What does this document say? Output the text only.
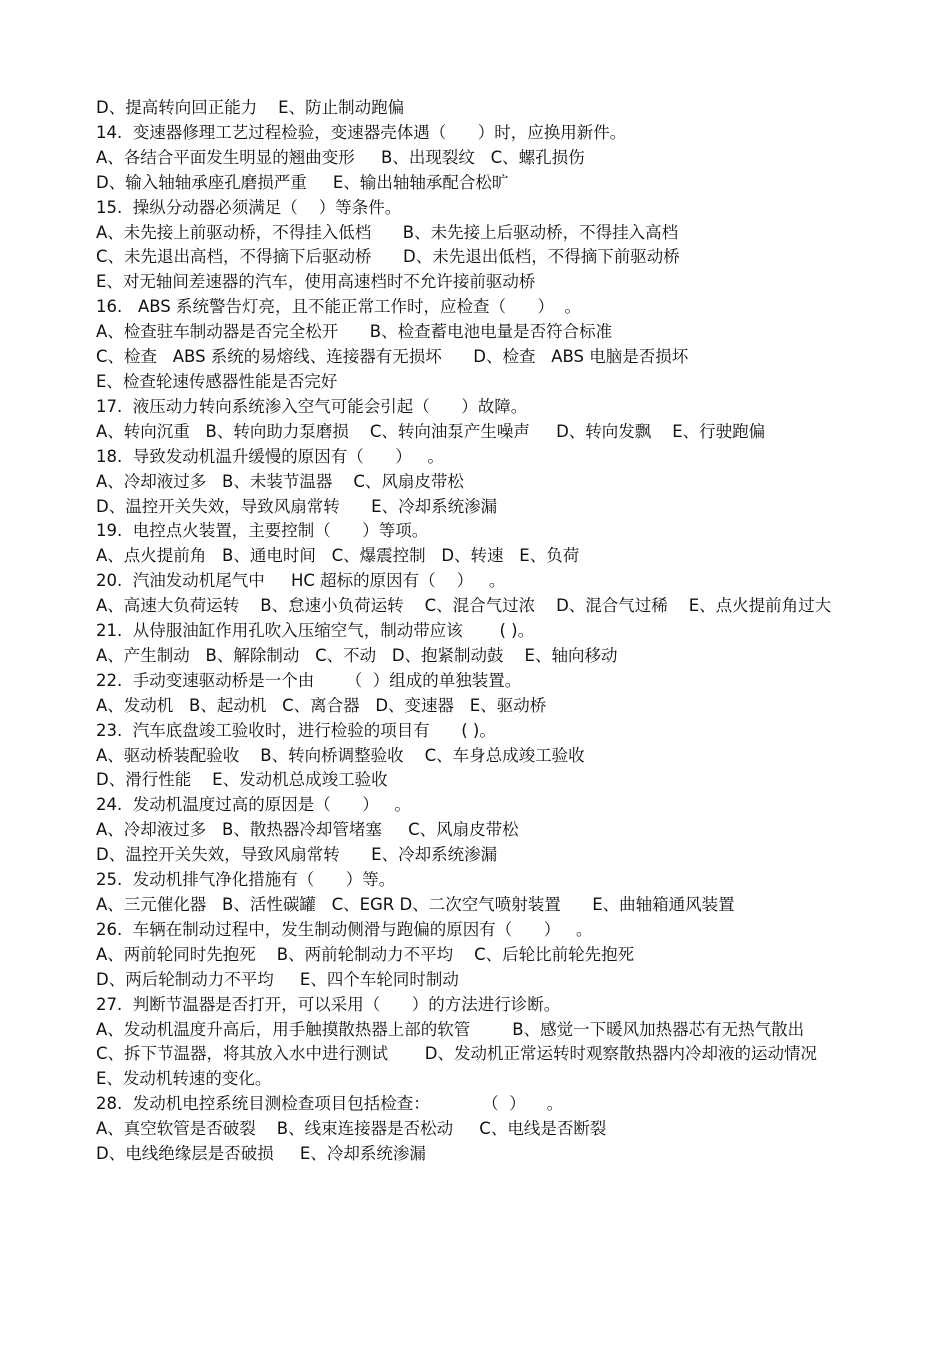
D、提高转向回正能力    E、防止制动跑偏

14.  变速器修理工艺过程检验，变速器壳体遇（      ）时，应换用新件。

A、各结合平面发生明显的翘曲变形     B、出现裂纹   C、螺孔损伤

D、输入轴轴承座孔磨损严重     E、输出轴轴承配合松旷

15.  操纵分动器必须满足（    ）等条件。

A、未先接上前驱动桥，不得挂入低档      B、未先接上后驱动桥，不得挂入高档

C、未先退出高档，不得摘下后驱动桥      D、未先退出低档，不得摘下前驱动桥

E、对无轴间差速器的汽车，使用高速档时不允许接前驱动桥

16.   ABS 系统警告灯亮，且不能正常工作时，应检查（      ）  。

A、检查驻车制动器是否完全松开      B、检查蓄电池电量是否符合标准

C、检查   ABS 系统的易熔线、连接器有无损坏      D、检查   ABS 电脑是否损坏

E、检查轮速传感器性能是否完好

17.  液压动力转向系统渗入空气可能会引起（      ）故障。

A、转向沉重   B、转向助力泵磨损    C、转向油泵产生噪声     D、转向发飘    E、行驶跑偏

18.  导致发动机温升缓慢的原因有（      ）   。

A、冷却液过多   B、未装节温器    C、风扇皮带松

D、温控开关失效，导致风扇常转      E、冷却系统渗漏

19.  电控点火装置，主要控制（      ）等项。

A、点火提前角   B、通电时间   C、爆震控制   D、转速   E、负荷

20.  汽油发动机尾气中     HC 超标的原因有（    ）   。

A、高速大负荷运转    B、怠速小负荷运转    C、混合气过浓    D、混合气过稀    E、点火提前角过大

21.  从侍服油缸作用孔吹入压缩空气，制动带应该       ( )。

A、产生制动   B、解除制动   C、不动   D、抱紧制动鼓    E、轴向移动

22.  手动变速驱动桥是一个由      （  ）组成的单独装置。

A、发动机   B、起动机   C、离合器   D、变速器   E、驱动桥

23.  汽车底盘竣工验收时，进行检验的项目有      ( )。

A、驱动桥装配验收    B、转向桥调整验收    C、车身总成竣工验收

D、滑行性能    E、发动机总成竣工验收

24.  发动机温度过高的原因是（      ）   。

A、冷却液过多   B、散热器冷却管堵塞     C、风扇皮带松

D、温控开关失效，导致风扇常转      E、冷却系统渗漏

25.  发动机排气净化措施有（      ）等。

A、三元催化器   B、活性碳罐   C、EGR D、二次空气喷射装置      E、曲轴箱通风装置

26.  车辆在制动过程中，发生制动侧滑与跑偏的原因有（      ）   。

A、两前轮同时先抱死    B、两前轮制动力不平均    C、后轮比前轮先抱死

D、两后轮制动力不平均     E、四个车轮同时制动

27.  判断节温器是否打开，可以采用（      ）的方法进行诊断。

A、发动机温度升高后，用手触摸散热器上部的软管        B、感觉一下暖风加热器芯有无热气散出

C、拆下节温器，将其放入水中进行测试       D、发动机正常运转时观察散热器内冷却液的运动情况

E、发动机转速的变化。

28.  发动机电控系统目测检查项目包括检查：          （  ）    。

A、真空软管是否破裂    B、线束连接器是否松动     C、电线是否断裂

D、电线绝缘层是否破损     E、冷却系统渗漏
